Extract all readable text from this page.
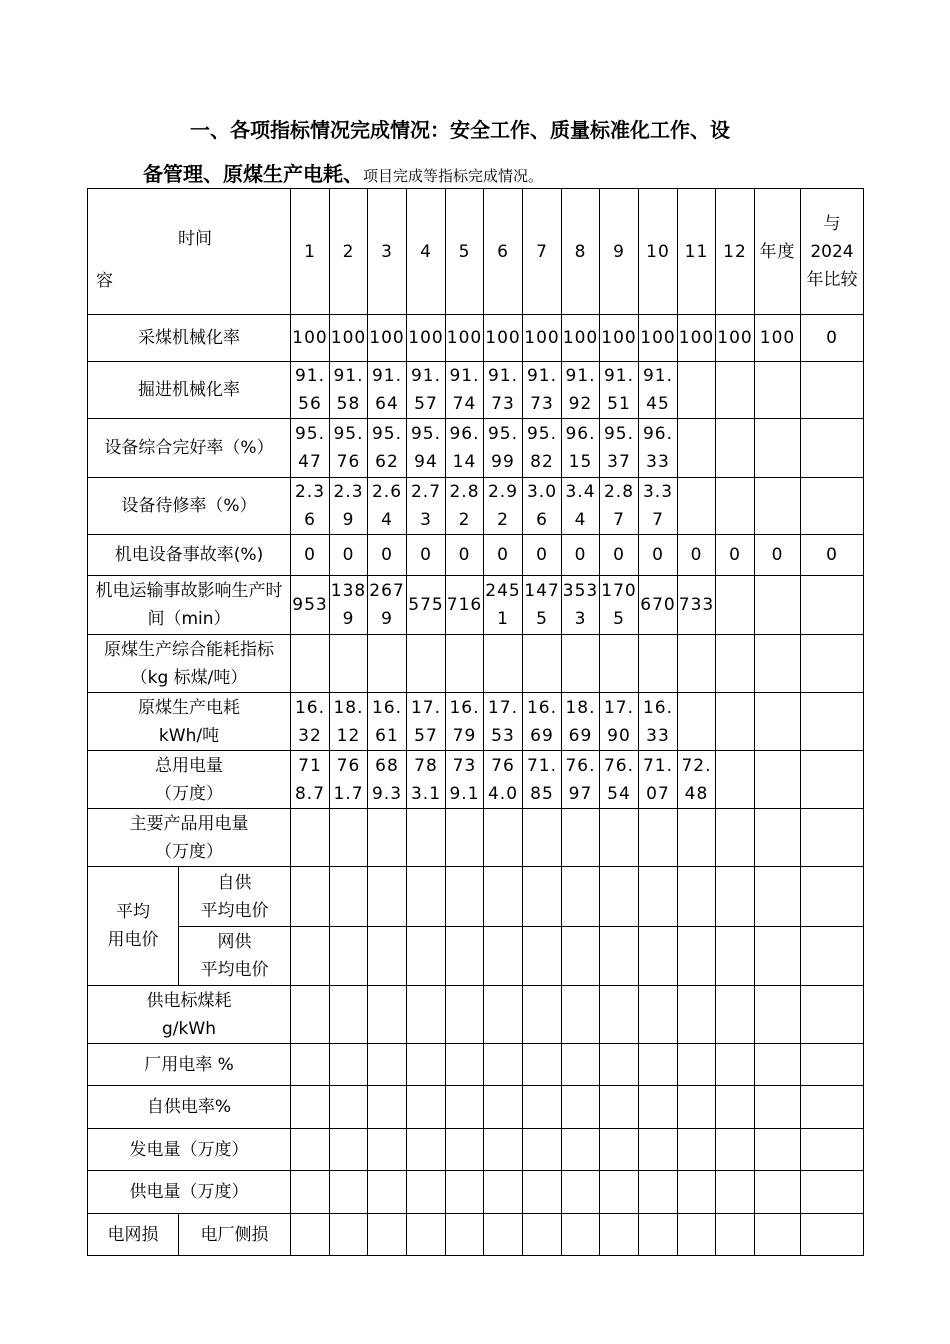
一、各项指标情况完成情况：安全工作、质量标准化工作、设
备管理、原煤生产电耗、项目完成等指标完成情况。
时间
容		1	2	3	4	5	6	7	8	9	10	11	12	年度	与
2024
年比较
采煤机械化率		100	100	100	100	100	100	100	100	100	100	100	100	100	0
掘进机械化率		91.56	91.58	91.64	91.57	91.74	91.73	91.73	91.92	91.51	91.45				
设备综合完好率（%）		95.47	95.76	95.62	95.94	96.14	95.99	95.82	96.15	95.37	96.33				
设备待修率（%）		2.36	2.39	2.64	2.73	2.82	2.92	3.06	3.44	2.87	3.37				
机电设备事故率(%)		0	0	0	0	0	0	0	0	0	0	0	0	0	0
机电运输事故影响生产时间（min）		953	1389	2679	575	716	2451	1475	3533	1705	670	733			
原煤生产综合能耗指标（kg 标煤/吨）															
原煤生产电耗
kWh/吨		16.32	18.12	16.61	17.57	16.79	17.53	16.69	18.69	17.90	16.33				
总用电量
（万度）		718.7	761.7	689.3	783.1	739.1	764.0	71.85	76.97	76.54	71.07	72.48			
主要产品用电量
（万度）															
平均
用电价	自供
平均电价														
	网供
平均电价														
供电标煤耗
g/kWh															
厂用电率 %															
自供电率%															
发电量（万度）															
供电量（万度）															
电网损	电厂侧损														
